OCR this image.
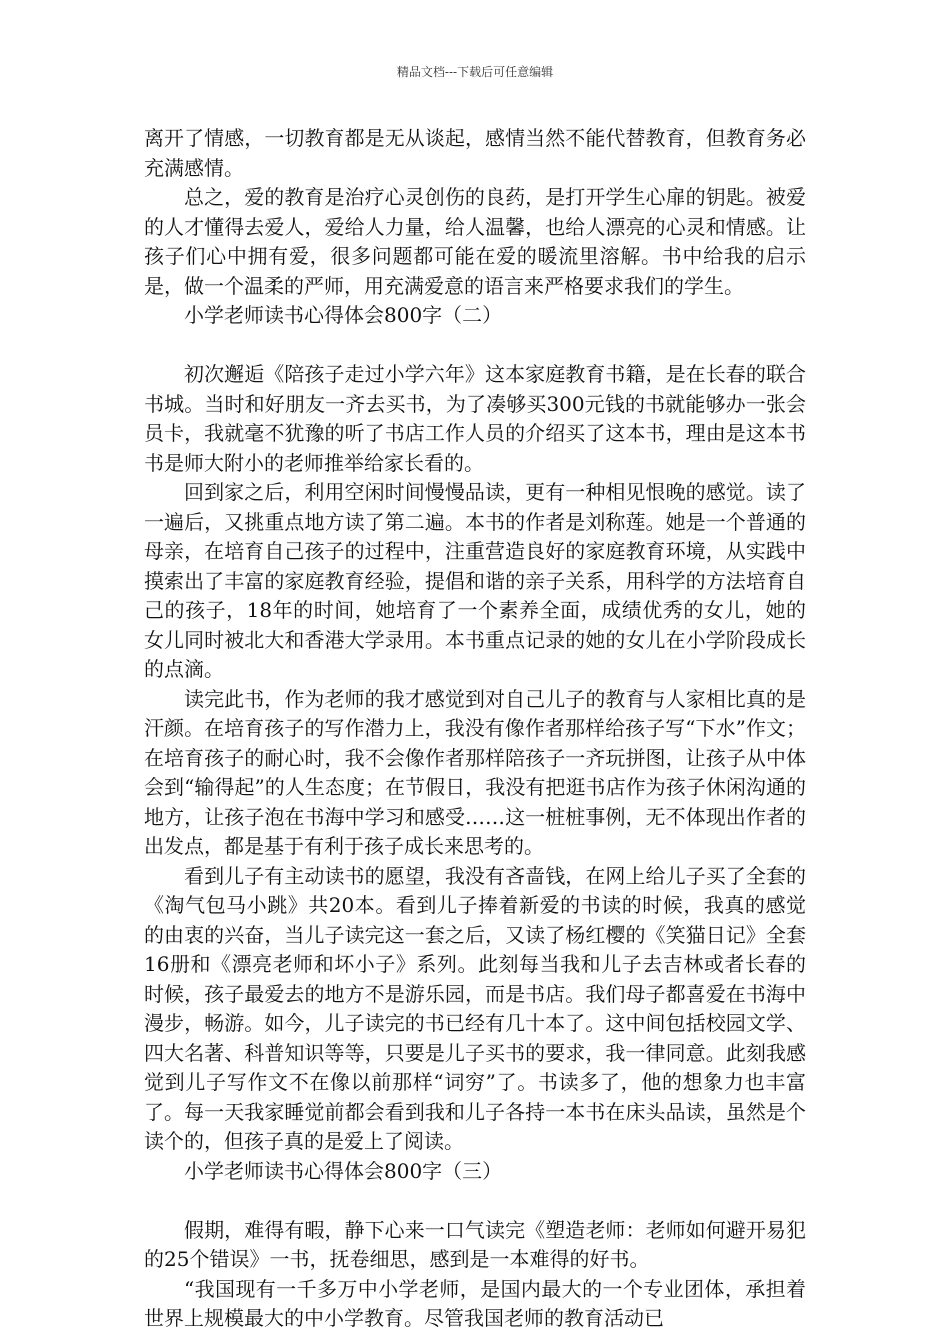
精品文档---下载后可任意编辑

离开了情感，一切教育都是无从谈起，感情当然不能代替教育，但教育务必充满感情。

总之，爱的教育是治疗心灵创伤的良药，是打开学生心扉的钥匙。被爱的人才懂得去爱人，爱给人力量，给人温馨，也给人漂亮的心灵和情感。让孩子们心中拥有爱，很多问题都可能在爱的暖流里溶解。书中给我的启示是，做一个温柔的严师，用充满爱意的语言来严格要求我们的学生。

小学老师读书心得体会800字（二）

初次邂逅《陪孩子走过小学六年》这本家庭教育书籍，是在长春的联合书城。当时和好朋友一齐去买书，为了凑够买300元钱的书就能够办一张会员卡，我就毫不犹豫的听了书店工作人员的介绍买了这本书，理由是这本书书是师大附小的老师推举给家长看的。

回到家之后，利用空闲时间慢慢品读，更有一种相见恨晚的感觉。读了一遍后，又挑重点地方读了第二遍。本书的作者是刘称莲。她是一个普通的母亲，在培育自己孩子的过程中，注重营造良好的家庭教育环境，从实践中摸索出了丰富的家庭教育经验，提倡和谐的亲子关系，用科学的方法培育自己的孩子，18年的时间，她培育了一个素养全面，成绩优秀的女儿，她的女儿同时被北大和香港大学录用。本书重点记录的她的女儿在小学阶段成长的点滴。

读完此书，作为老师的我才感觉到对自己儿子的教育与人家相比真的是汗颜。在培育孩子的写作潜力上，我没有像作者那样给孩子写“下水”作文；在培育孩子的耐心时，我不会像作者那样陪孩子一齐玩拼图，让孩子从中体会到“输得起”的人生态度；在节假日，我没有把逛书店作为孩子休闲沟通的地方，让孩子泡在书海中学习和感受……这一桩桩事例，无不体现出作者的出发点，都是基于有利于孩子成长来思考的。

看到儿子有主动读书的愿望，我没有吝啬钱，在网上给儿子买了全套的《淘气包马小跳》共20本。看到儿子捧着新爱的书读的时候，我真的感觉的由衷的兴奋，当儿子读完这一套之后，又读了杨红樱的《笑猫日记》全套16册和《漂亮老师和坏小子》系列。此刻每当我和儿子去吉林或者长春的时候，孩子最爱去的地方不是游乐园，而是书店。我们母子都喜爱在书海中漫步，畅游。如今，儿子读完的书已经有几十本了。这中间包括校园文学、四大名著、科普知识等等，只要是儿子买书的要求，我一律同意。此刻我感觉到儿子写作文不在像以前那样“词穷”了。书读多了，他的想象力也丰富了。每一天我家睡觉前都会看到我和儿子各持一本书在床头品读，虽然是个读个的，但孩子真的是爱上了阅读。

小学老师读书心得体会800字（三）

假期，难得有暇，静下心来一口气读完《塑造老师：老师如何避开易犯的25个错误》一书，抚卷细思，感到是一本难得的好书。

“我国现有一千多万中小学老师，是国内最大的一个专业团体，承担着世界上规模最大的中小学教育。尽管我国老师的教育活动已
